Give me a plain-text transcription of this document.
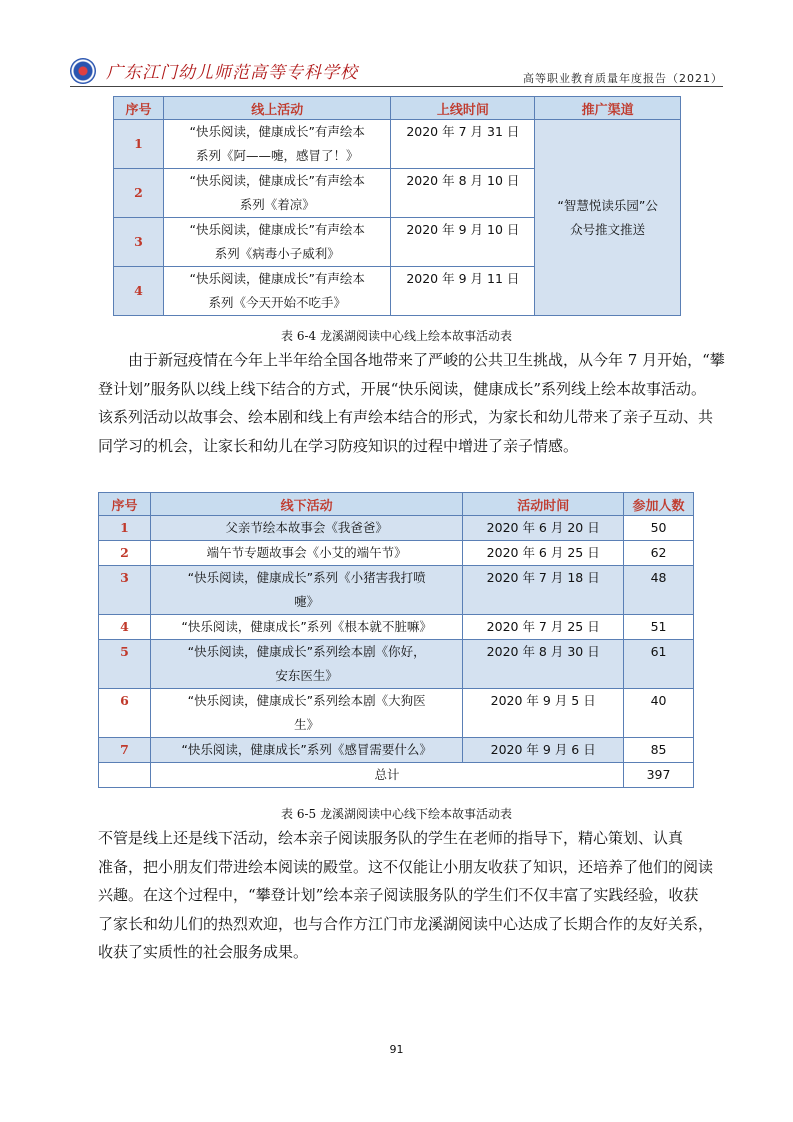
广东江门幼儿师范高等专科学校	高等职业教育质量年度报告（2021）
序号	线上活动	上线时间	推广渠道
1	“快乐阅读，健康成长”有声绘本
系列《阿——嚏，感冒了！》	2020 年 7 月 31 日	“智慧悦读乐园”公
众号推文推送
2	“快乐阅读，健康成长”有声绘本
系列《着凉》	2020 年 8 月 10 日	
3	“快乐阅读，健康成长”有声绘本
系列《病毒小子威利》	2020 年 9 月 10 日	
4	“快乐阅读，健康成长”有声绘本
系列《今天开始不吃手》	2020 年 9 月 11 日	
表 6-4 龙溪湖阅读中心线上绘本故事活动表
由于新冠疫情在今年上半年给全国各地带来了严峻的公共卫生挑战，从今年 7 月开始，“攀
登计划”服务队以线上线下结合的方式，开展“快乐阅读，健康成长”系列线上绘本故事活动。
该系列活动以故事会、绘本剧和线上有声绘本结合的形式，为家长和幼儿带来了亲子互动、共
同学习的机会，让家长和幼儿在学习防疫知识的过程中增进了亲子情感。
序号	线下活动	活动时间	参加人数
1	父亲节绘本故事会《我爸爸》	2020 年 6 月 20 日	50
2	端午节专题故事会《小艾的端午节》	2020 年 6 月 25 日	62
3	“快乐阅读，健康成长”系列《小猪害我打喷
嚏》	2020 年 7 月 18 日	48
4	“快乐阅读，健康成长”系列《根本就不脏嘛》	2020 年 7 月 25 日	51
5	“快乐阅读，健康成长”系列绘本剧《你好，
安东医生》	2020 年 8 月 30 日	61
6	“快乐阅读，健康成长”系列绘本剧《大狗医
生》	2020 年 9 月 5 日	40
7	“快乐阅读，健康成长”系列《感冒需要什么》	2020 年 9 月 6 日	85
	总计		397
表 6-5 龙溪湖阅读中心线下绘本故事活动表
不管是线上还是线下活动，绘本亲子阅读服务队的学生在老师的指导下，精心策划、认真
准备，把小朋友们带进绘本阅读的殿堂。这不仅能让小朋友收获了知识，还培养了他们的阅读
兴趣。在这个过程中，“攀登计划”绘本亲子阅读服务队的学生们不仅丰富了实践经验，收获
了家长和幼儿们的热烈欢迎，也与合作方江门市龙溪湖阅读中心达成了长期合作的友好关系，
收获了实质性的社会服务成果。
91
